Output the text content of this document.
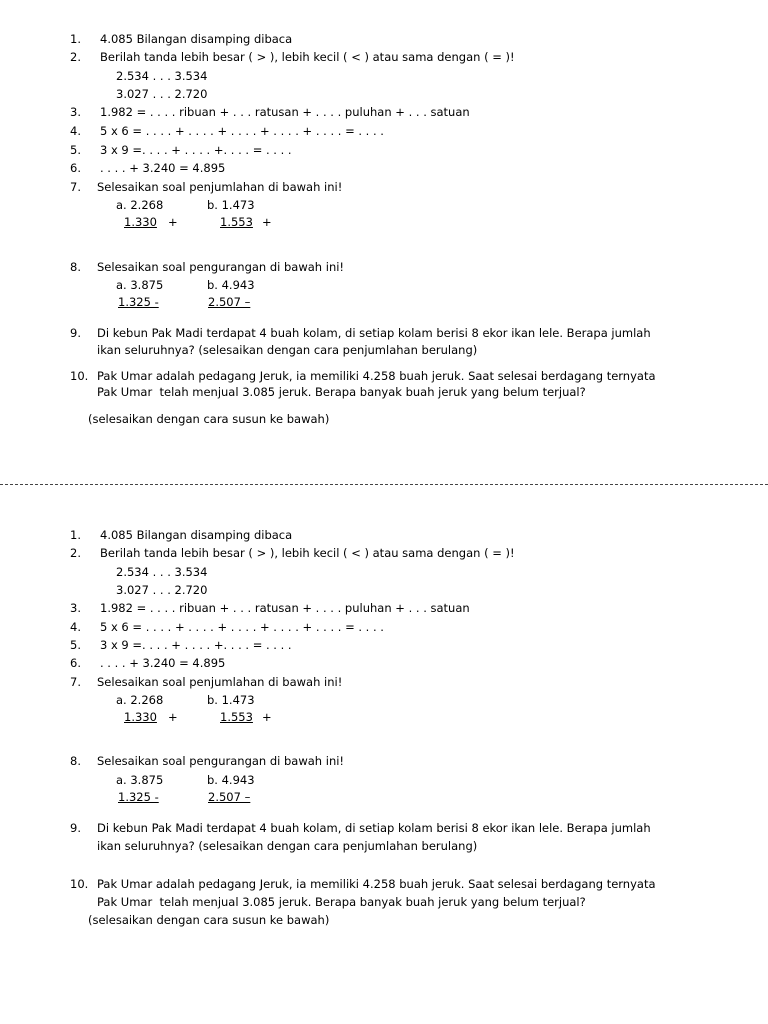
1. 4.085 Bilangan disamping dibaca
2. Berilah tanda lebih besar ( > ), lebih kecil ( < ) atau sama dengan ( = )!
2.534 . . . 3.534
3.027 . . . 2.720
3. 1.982 = . . . . ribuan + . . . ratusan + . . . . puluhan + . . . satuan
4. 5 x 6 = . . . . + . . . . + . . . . + . . . . + . . . . = . . . .
5. 3 x 9 =. . . . + . . . . +. . . . = . . . .
6. . . . . + 3.240 = 4.895
7. Selesaikan soal penjumlahan di bawah ini!
a. 2.268	b. 1.473
1.330 +	1.553 +
8. Selesaikan soal pengurangan di bawah ini!
a. 3.875	b. 4.943
1.325 -	2.507 –
9. Di kebun Pak Madi terdapat 4 buah kolam, di setiap kolam berisi 8 ekor ikan lele. Berapa jumlah
ikan seluruhnya? (selesaikan dengan cara penjumlahan berulang)
10. Pak Umar adalah pedagang Jeruk, ia memiliki 4.258 buah jeruk. Saat selesai berdagang ternyata
Pak Umar  telah menjual 3.085 jeruk. Berapa banyak buah jeruk yang belum terjual?
(selesaikan dengan cara susun ke bawah)
1. 4.085 Bilangan disamping dibaca
2. Berilah tanda lebih besar ( > ), lebih kecil ( < ) atau sama dengan ( = )!
2.534 . . . 3.534
3.027 . . . 2.720
3. 1.982 = . . . . ribuan + . . . ratusan + . . . . puluhan + . . . satuan
4. 5 x 6 = . . . . + . . . . + . . . . + . . . . + . . . . = . . . .
5. 3 x 9 =. . . . + . . . . +. . . . = . . . .
6. . . . . + 3.240 = 4.895
7. Selesaikan soal penjumlahan di bawah ini!
a. 2.268	b. 1.473
1.330 +	1.553 +
8. Selesaikan soal pengurangan di bawah ini!
a. 3.875	b. 4.943
1.325 -	2.507 –
9. Di kebun Pak Madi terdapat 4 buah kolam, di setiap kolam berisi 8 ekor ikan lele. Berapa jumlah
ikan seluruhnya? (selesaikan dengan cara penjumlahan berulang)
10. Pak Umar adalah pedagang Jeruk, ia memiliki 4.258 buah jeruk. Saat selesai berdagang ternyata
Pak Umar  telah menjual 3.085 jeruk. Berapa banyak buah jeruk yang belum terjual?
(selesaikan dengan cara susun ke bawah)
